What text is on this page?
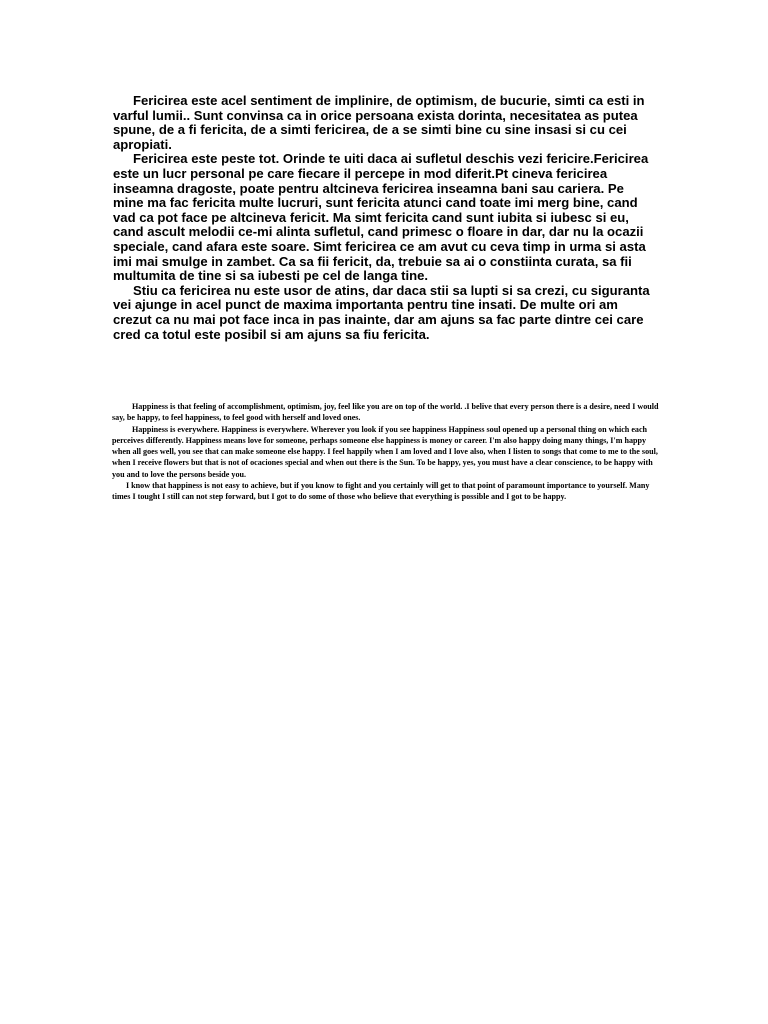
Fericirea este acel sentiment de implinire, de optimism, de bucurie, simti ca esti in varful lumii.. Sunt convinsa ca in orice persoana exista dorinta, necesitatea as putea spune, de a fi fericita, de a simti fericirea, de a se simti bine cu sine insasi si cu cei apropiati.

Fericirea este peste tot. Orinde te uiti daca ai sufletul deschis vezi fericire.Fericirea este un lucr personal pe care fiecare il percepe in mod diferit.Pt cineva fericirea inseamna dragoste, poate pentru altcineva fericirea inseamna bani sau cariera. Pe mine ma fac fericita multe lucruri, sunt fericita atunci cand toate imi merg bine, cand vad ca pot face pe altcineva fericit. Ma simt fericita cand sunt iubita si iubesc si eu, cand ascult melodii ce-mi alinta sufletul, cand primesc o floare in dar, dar nu la ocazii speciale, cand afara este soare. Simt fericirea ce am avut cu ceva timp in urma si asta imi mai smulge in zambet. Ca sa fii fericit, da, trebuie sa ai o constiinta curata, sa fii multumita de tine si sa iubesti pe cel de langa tine.

Stiu ca fericirea nu este usor de atins, dar daca stii sa lupti si sa crezi, cu siguranta vei ajunge in acel punct de maxima importanta pentru tine insati. De multe ori am crezut ca nu mai pot face inca in pas inainte, dar am ajuns sa fac parte dintre cei care cred ca totul este posibil si am ajuns sa fiu fericita.

Happiness is that feeling of accomplishment, optimism, joy, feel like you are on top of the world. .I belive that every person there is a desire, need I would say, be happy, to feel happiness, to feel good with herself and loved ones.

Happiness is everywhere. Happiness is everywhere. Wherever you look if you see happiness Happiness soul opened up a personal thing on which each perceives differently. Happiness means love for someone, perhaps someone else happiness is money or career. I'm also happy doing many things, I'm happy when all goes well, you see that can make someone else happy. I feel happily when I am loved and I love also, when I listen to songs that come to me to the soul, when I receive flowers but that is not of ocaciones special and when out there is the Sun. To be happy, yes, you must have a clear conscience, to be happy with you and to love the persons beside you.

I know that happiness is not easy to achieve, but if you know to fight and you certainly will get to that point of paramount importance to yourself. Many times I tought I still can not step forward, but I got to do some of those who believe that everything is possible and I got to be happy.
